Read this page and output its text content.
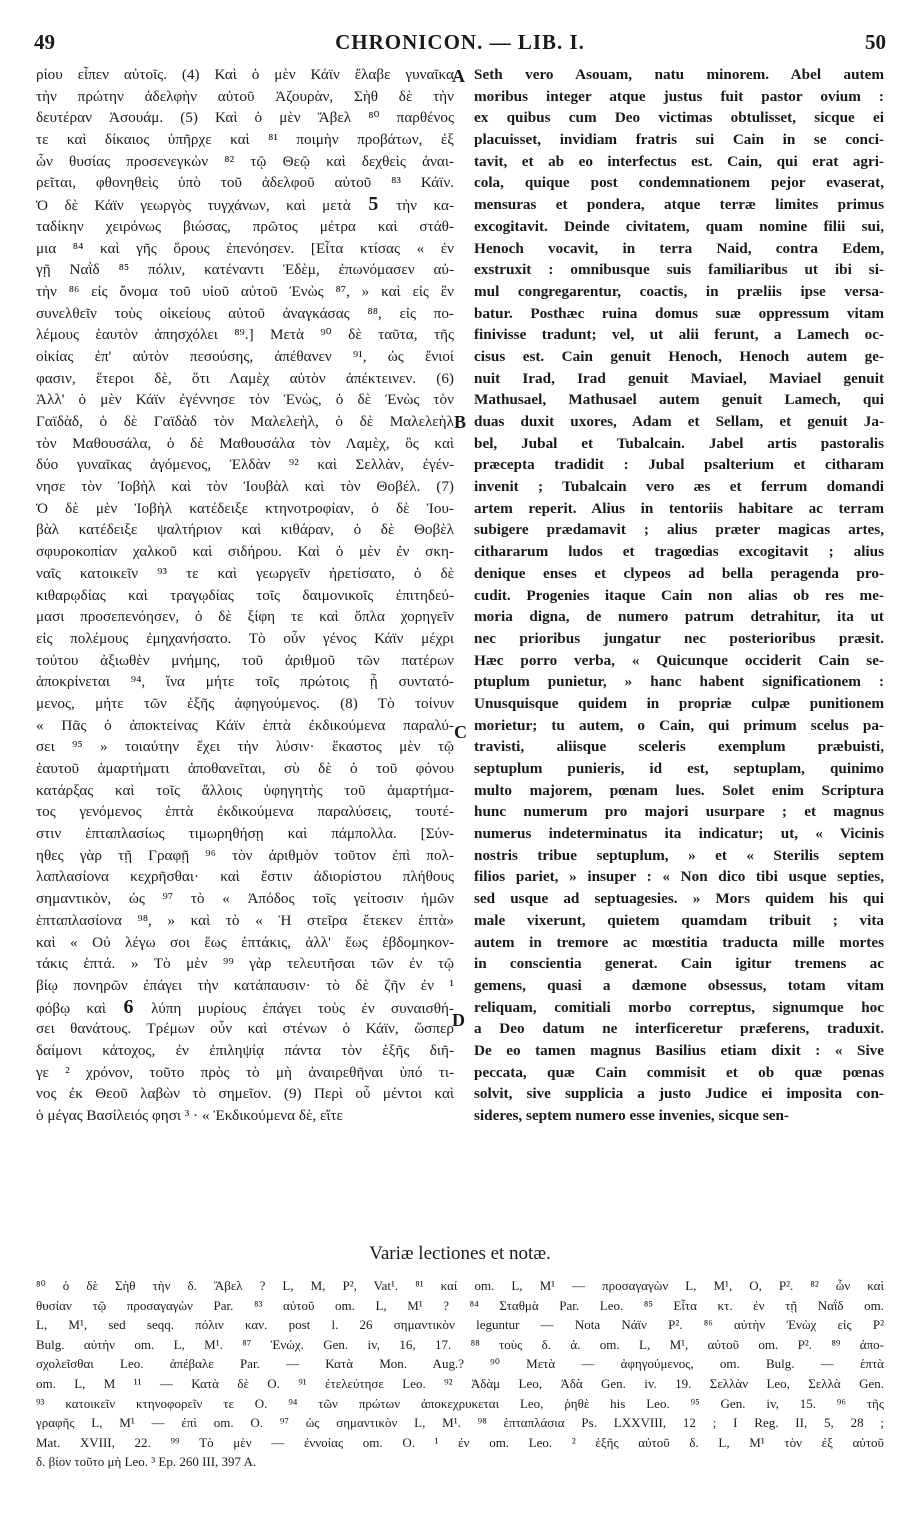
49	CHRONICON. — LIB. I.	50
ρίου εἶπεν αὐτοῖς. (4) Καὶ ὁ μὲν Κάϊν ἔλαβε γυναῖκα
τὴν πρώτην ἀδελφὴν αὐτοῦ Ἀζουρὰν, Σὴθ δὲ τὴν
δευτέραν Ἀσουάμ. (5) Καὶ ὁ μὲν Ἄβελ ⁸⁰ παρθένος
τε καὶ δίκαιος ὑπῆρχε καὶ ⁸¹ ποιμὴν προβάτων, ἐξ
ὧν θυσίας προσενεγκὼν ⁸² τῷ Θεῷ καὶ δεχθεὶς ἀναι-
ρεῖται, φθονηθεὶς ὑπὸ τοῦ ἀδελφοῦ αὐτοῦ ⁸³ Κάϊν.
Ὁ δὲ Κάϊν γεωργὸς τυγχάνων, καὶ μετὰ 5 τὴν κα-
ταδίκην χειρόνως βιώσας, πρῶτος μέτρα καὶ στάθ-
μια ⁸⁴ καὶ γῆς ὅρους ἐπενόησεν. [Εἶτα κτίσας « ἐν
γῇ Ναῒδ ⁸⁵ πόλιν, κατέναντι Ἐδὲμ, ἐπωνόμασεν αὐ-
τὴν ⁸⁶ εἰς ὄνομα τοῦ υἱοῦ αὐτοῦ Ἐνὼς ⁸⁷, » καὶ εἰς ἓν
συνελθεῖν τοὺς οἰκείους αὐτοῦ ἀναγκάσας ⁸⁸, εἰς πο-
λέμους ἑαυτὸν ἀπησχόλει ⁸⁹.] Μετὰ ⁹⁰ δὲ ταῦτα, τῆς
οἰκίας ἐπ' αὐτὸν πεσούσης, ἀπέθανεν ⁹¹, ὡς ἔνιοί
φασιν, ἕτεροι δὲ, ὅτι Λαμὲχ αὐτὸν ἀπέκτεινεν. (6)
Ἀλλ' ὁ μὲν Κάϊν ἐγέννησε τὸν Ἐνὼς, ὁ δὲ Ἐνὼς τὸν
Γαϊδὰδ, ὁ δὲ Γαϊδὰδ τὸν Μαλελεὴλ, ὁ δὲ Μαλελεὴλ
τὸν Μαθουσάλα, ὁ δὲ Μαθουσάλα τὸν Λαμὲχ, ὃς καὶ
δύο γυναῖκας ἀγόμενος, Ἐλδὰν ⁹² καὶ Σελλὰν, ἐγέν-
νησε τὸν Ἰοβὴλ καὶ τὸν Ἰουβὰλ καὶ τὸν Θοβέλ. (7)
Ὁ δὲ μὲν Ἰοβὴλ κατέδειξε κτηνοτροφίαν, ὁ δὲ Ἰου-
βὰλ κατέδειξε ψαλτήριον καὶ κιθάραν, ὁ δὲ Θοβὲλ
σφυροκοπίαν χαλκοῦ καὶ σιδήρου. Καὶ ὁ μὲν ἐν σκη-
ναῖς κατοικεῖν ⁹³ τε καὶ γεωργεῖν ἠρετίσατο, ὁ δὲ
κιθαρῳδίας καὶ τραγῳδίας τοῖς δαιμονικοῖς ἐπιτηδεύ-
μασι προσεπενόησεν, ὁ δὲ ξίφη τε καὶ ὅπλα χορηγεῖν
εἰς πολέμους ἐμηχανήσατο. Τὸ οὖν γένος Κάϊν μέχρι
τούτου ἀξιωθὲν μνήμης, τοῦ ἀριθμοῦ τῶν πατέρων
ἀποκρίνεται ⁹⁴, ἵνα μήτε τοῖς πρώτοις ᾖ συντατό-
μενος, μήτε τῶν ἑξῆς ἀφηγούμενος. (8) Τὸ τοίνυν
« Πᾶς ὁ ἀποκτείνας Κάϊν ἑπτὰ ἐκδικούμενα παραλύ-
σει ⁹⁵ » τοιαύτην ἔχει τὴν λύσιν· ἕκαστος μὲν τῷ
ἑαυτοῦ ἁμαρτήματι ἀποθανεῖται, σὺ δὲ ὁ τοῦ φόνου
κατάρξας καὶ τοῖς ἄλλοις ὑφηγητὴς τοῦ ἁμαρτήμα-
τος γενόμενος ἑπτὰ ἐκδικούμενα παραλύσεις, τουτέ-
στιν ἑπταπλασίως τιμωρηθήσῃ καὶ πάμπολλα. [Σύν-
ηθες γὰρ τῇ Γραφῇ ⁹⁶ τὸν ἀριθμὸν τοῦτον ἐπὶ πολ-
λαπλασίονα κεχρῆσθαι· καὶ ἔστιν ἀδιορίστου πλήθους
σημαντικὸν, ὡς ⁹⁷ τὸ « Ἀπόδος τοῖς γείτοσιν ἡμῶν
ἑπταπλασίονα ⁹⁸, » καὶ τὸ « Ἡ στεῖρα ἔτεκεν ἑπτὰ»
καὶ « Οὐ λέγω σοι ἕως ἑπτάκις, ἀλλ' ἕως ἑβδομηκον-
τάκις ἑπτά. » Τὸ μὲν ⁹⁹ γὰρ τελευτῆσαι τῶν ἐν τῷ
βίῳ πονηρῶν ἐπάγει τὴν κατάπαυσιν· τὸ δὲ ζῆν ἐν ¹
φόβῳ καὶ 6 λύπη μυρίους ἐπάγει τοὺς ἐν συναισθή-
σει θανάτους. Τρέμων οὖν καὶ στένων ὁ Κάϊν, ὥσπερ
δαίμονι κάτοχος, ἐν ἐπιληψίᾳ πάντα τὸν ἑξῆς διῆ-
γε ² χρόνον, τοῦτο πρὸς τὸ μὴ ἀναιρεθῆναι ὑπό τι-
νος ἐκ Θεοῦ λαβὼν τὸ σημεῖον. (9) Περὶ οὗ μέντοι καὶ
ὁ μέγας Βασίλειός φησι ³ · « Ἐκδικούμενα δὲ, εἴτε
Seth vero Asouam, natu minorem. Abel autem
moribus integer atque justus fuit pastor ovium :
ex quibus cum Deo victimas obtulisset, sicque ei
placuisset, invidiam fratris sui Cain in se conci-
tavit, et ab eo interfectus est. Cain, qui erat agri-
cola, quique post condemnationem pejor evaserat,
mensuras et pondera, atque terræ limites primus
excogitavit. Deinde civitatem, quam nomine filii sui,
Henoch vocavit, in terra Naid, contra Edem,
exstruxit : omnibusque suis familiaribus ut ibi si-
mul congregarentur, coactis, in præliis ipse versa-
batur. Posthæc ruina domus suæ oppressum vitam
finivisse tradunt; vel, ut alii ferunt, a Lamech oc-
cisus est. Cain genuit Henoch, Henoch autem ge-
nuit Irad, Irad genuit Maviael, Maviael genuit
Mathusael, Mathusael autem genuit Lamech, qui
duas duxit uxores, Adam et Sellam, et genuit Ja-
bel, Jubal et Tubalcain. Jabel artis pastoralis
præcepta tradidit : Jubal psalterium et citharam
invenit ; Tubalcain vero æs et ferrum domandi
artem reperit. Alius in tentoriis habitare ac terram
subigere prædamavit ; alius præter magicas artes,
cithararum ludos et tragœdias excogitavit ; alius
denique enses et clypeos ad bella peragenda pro-
cudit. Progenies itaque Cain non alias ob res me-
moria digna, de numero patrum detrahitur, ita ut
nec prioribus jungatur nec posterioribus præsit.
Hæc porro verba, « Quicunque occiderit Cain se-
ptuplum punietur, » hanc habent significationem :
Unusquisque quidem in propriæ culpæ punitionem
morietur; tu autem, o Cain, qui primum scelus pa-
travisti, aliisque sceleris exemplum præbuisti,
septuplum punieris, id est, septuplam, quinimo
multo majorem, pœnam lues. Solet enim Scriptura
hunc numerum pro majori usurpare ; et magnus
numerus indeterminatus ita indicatur; ut, « Vicinis
nostris tribue septuplum, » et « Sterilis septem
filios pariet, » insuper : « Non dico tibi usque septies,
sed usque ad septuagesies. » Mors quidem his qui
male vixerunt, quietem quamdam tribuit ; vita
autem in tremore ac mœstitia traducta mille mortes
in conscientia generat. Cain igitur tremens ac
gemens, quasi a dæmone obsessus, totam vitam
reliquam, comitiali morbo correptus, signumque hoc
a Deo datum ne interficeretur præferens, traduxit.
De eo tamen magnus Basilius etiam dixit : « Sive
peccata, quæ Cain commisit et ob quæ pœnas
solvit, sive supplicia a justo Judice ei imposita con-
sideres, septem numero esse invenies, sicque sen-
A
B
C
D
Variæ lectiones et notæ.
⁸⁰ ὁ δὲ Σὴθ τὴν δ. Ἄβελ ? L, M, P², Vat¹. ⁸¹ καί om. L, M¹ — προσαγαγὼν L, M¹, O, P². ⁸² ὧν καὶ
θυσίαν τῷ προσαγαγὼν Par. ⁸³ αὐτοῦ om. L, M¹ ? ⁸⁴ Σταθμὰ Par. Leo. ⁸⁵ Εἶτα κτ. ἐν τῇ Ναῒδ om.
L, M¹, sed seqq. πόλιν καν. post l. 26 σημαντικὸν leguntur — Nota Νάϊν P². ⁸⁶ αὐτὴν Ἐνὼχ εἰς P²
Bulg. αὐτὴν om. L, M¹. ⁸⁷ Ἐνώχ. Gen. iv, 16, 17. ⁸⁸ τοὺς δ. ἀ. om. L, M¹, αὐτοῦ om. P². ⁸⁹ ἀπο-
σχολεῖσθαι Leo. ἀπέβαλε Par. — Κατὰ Mon. Aug.? ⁹⁰ Μετὰ — ἀφηγούμενος, om. Bulg. — ἑπτὰ
om. L, M ¹¹ — Κατὰ δὲ O. ⁹¹ ἐτελεύτησε Leo. ⁹² Ἀδὰμ Leo, Ἀδὰ Gen. iv. 19. Σελλὰν Leo, Σελλὰ Gen.
⁹³ κατοικεῖν κτηνοφορεῖν τε O. ⁹⁴ τῶν πρώτων ἀποκεχρυκεται Leo, ῥηθὲ his Leo. ⁹⁵ Gen. iv, 15. ⁹⁶ τῆς
γραφῆς L, M¹ — ἐπὶ om. O. ⁹⁷ ὡς σημαντικὸν L, M¹. ⁹⁸ ἑπταπλάσια Ps. LXXVIII, 12 ; I Reg. II, 5, 28 ;
Mat. XVIII, 22. ⁹⁹ Τὸ μὲν — ἐννοίας om. O. ¹ ἐν om. Leo. ² ἑξῆς αὐτοῦ δ. L, M¹ τὸν ἐξ αὐτοῦ
δ. βίον τοῦτο μὴ Leo. ³ Ep. 260 III, 397 A.
